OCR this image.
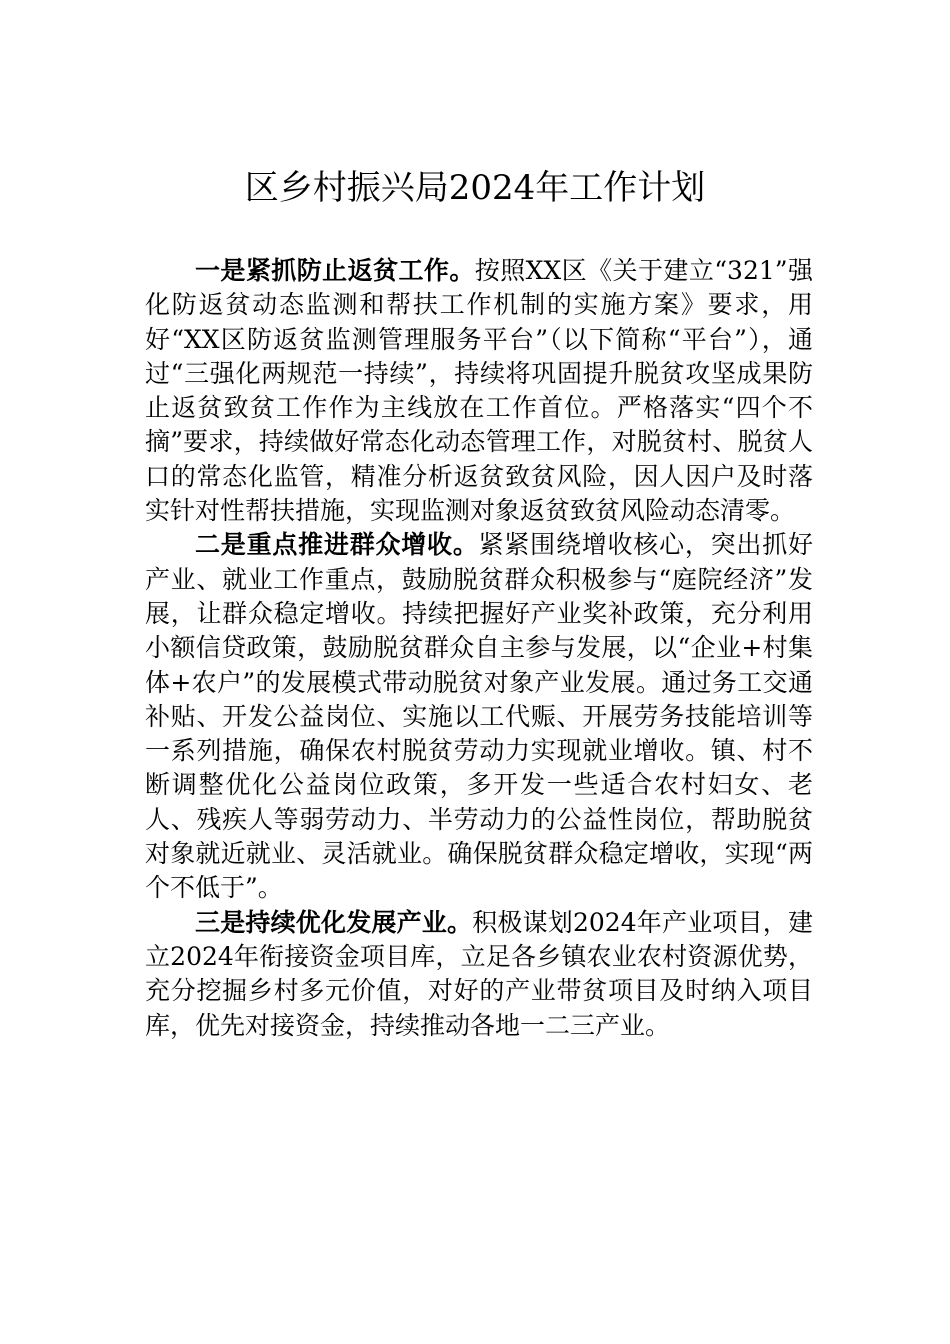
区乡村振兴局2024年工作计划

一是紧抓防止返贫工作。按照XX区《关于建立“321”强化防返贫动态监测和帮扶工作机制的实施方案》要求，用好“XX区防返贫监测管理服务平台”（以下简称“平台”），通过“三强化两规范一持续”，持续将巩固提升脱贫攻坚成果防止返贫致贫工作作为主线放在工作首位。严格落实“四个不摘”要求，持续做好常态化动态管理工作，对脱贫村、脱贫人口的常态化监管，精准分析返贫致贫风险，因人因户及时落实针对性帮扶措施，实现监测对象返贫致贫风险动态清零。

二是重点推进群众增收。紧紧围绕增收核心，突出抓好产业、就业工作重点，鼓励脱贫群众积极参与“庭院经济”发展，让群众稳定增收。持续把握好产业奖补政策，充分利用小额信贷政策，鼓励脱贫群众自主参与发展，以“企业+村集体+农户”的发展模式带动脱贫对象产业发展。通过务工交通补贴、开发公益岗位、实施以工代赈、开展劳务技能培训等一系列措施，确保农村脱贫劳动力实现就业增收。镇、村不断调整优化公益岗位政策，多开发一些适合农村妇女、老人、残疾人等弱劳动力、半劳动力的公益性岗位，帮助脱贫对象就近就业、灵活就业。确保脱贫群众稳定增收，实现“两个不低于”。

三是持续优化发展产业。积极谋划2024年产业项目，建立2024年衔接资金项目库，立足各乡镇农业农村资源优势，充分挖掘乡村多元价值，对好的产业带贫项目及时纳入项目库，优先对接资金，持续推动各地一二三产业。
